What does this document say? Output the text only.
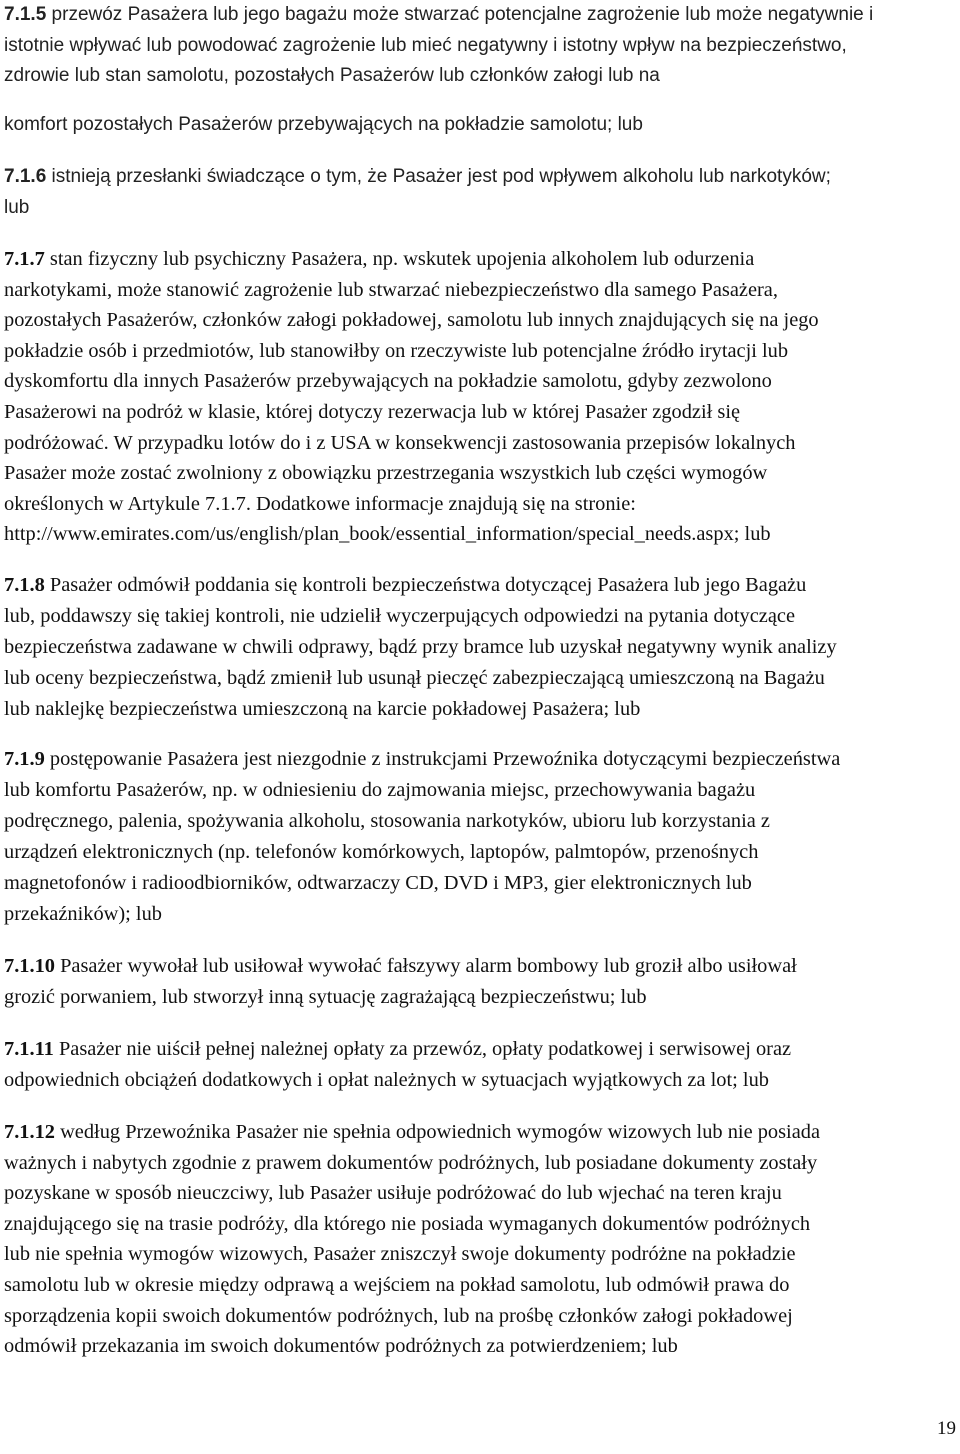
7.1.5 przewóz Pasażera lub jego bagażu może stwarzać potencjalne zagrożenie lub może negatywnie i
istotnie wpływać lub powodować zagrożenie lub mieć negatywny i istotny wpływ na bezpieczeństwo,
zdrowie lub stan samolotu, pozostałych Pasażerów lub członków załogi lub na
komfort pozostałych Pasażerów przebywających na pokładzie samolotu; lub
7.1.6 istnieją przesłanki świadczące o tym, że Pasażer jest pod wpływem alkoholu lub narkotyków;
lub
7.1.7 stan fizyczny lub psychiczny Pasażera, np. wskutek upojenia alkoholem lub odurzenia
narkotykami, może stanowić zagrożenie lub stwarzać niebezpieczeństwo dla samego Pasażera,
pozostałych Pasażerów, członków załogi pokładowej, samolotu lub innych znajdujących się na jego
pokładzie osób i przedmiotów, lub stanowiłby on rzeczywiste lub potencjalne źródło irytacji lub
dyskomfortu dla innych Pasażerów przebywających na pokładzie samolotu, gdyby zezwolono
Pasażerowi na podróż w klasie, której dotyczy rezerwacja lub w której Pasażer zgodził się
podróżować. W przypadku lotów do i z USA w konsekwencji zastosowania przepisów lokalnych
Pasażer może zostać zwolniony z obowiązku przestrzegania wszystkich lub części wymogów
określonych w Artykule 7.1.7. Dodatkowe informacje znajdują się na stronie:
http://www.emirates.com/us/english/plan_book/essential_information/special_needs.aspx; lub
7.1.8 Pasażer odmówił poddania się kontroli bezpieczeństwa dotyczącej Pasażera lub jego Bagażu
lub, poddawszy się takiej kontroli, nie udzielił wyczerpujących odpowiedzi na pytania dotyczące
bezpieczeństwa zadawane w chwili odprawy, bądź przy bramce lub uzyskał negatywny wynik analizy
lub oceny bezpieczeństwa, bądź zmienił lub usunął pieczęć zabezpieczającą umieszczoną na Bagażu
lub naklejkę bezpieczeństwa umieszczoną na karcie pokładowej Pasażera; lub
7.1.9 postępowanie Pasażera jest niezgodnie z instrukcjami Przewoźnika dotyczącymi bezpieczeństwa
lub komfortu Pasażerów, np. w odniesieniu do zajmowania miejsc, przechowywania bagażu
podręcznego, palenia, spożywania alkoholu, stosowania narkotyków, ubioru lub korzystania z
urządzeń elektronicznych (np. telefonów komórkowych, laptopów, palmtopów, przenośnych
magnetofonów i radioodbiorników, odtwarzaczy CD, DVD i MP3, gier elektronicznych lub
przekaźników); lub
7.1.10 Pasażer wywołał lub usiłował wywołać fałszywy alarm bombowy lub groził albo usiłował
grozić porwaniem, lub stworzył inną sytuację zagrażającą bezpieczeństwu; lub
7.1.11 Pasażer nie uiścił pełnej należnej opłaty za przewóz, opłaty podatkowej i serwisowej oraz
odpowiednich obciążeń dodatkowych i opłat należnych w sytuacjach wyjątkowych za lot; lub
7.1.12 według Przewoźnika Pasażer nie spełnia odpowiednich wymogów wizowych lub nie posiada
ważnych i nabytych zgodnie z prawem dokumentów podróżnych, lub posiadane dokumenty zostały
pozyskane w sposób nieuczciwy, lub Pasażer usiłuje podróżować do lub wjechać na teren kraju
znajdującego się na trasie podróży, dla którego nie posiada wymaganych dokumentów podróżnych
lub nie spełnia wymogów wizowych, Pasażer zniszczył swoje dokumenty podróżne na pokładzie
samolotu lub w okresie między odprawą a wejściem na pokład samolotu, lub odmówił prawa do
sporządzenia kopii swoich dokumentów podróżnych, lub na prośbę członków załogi pokładowej
odmówił przekazania im swoich dokumentów podróżnych za potwierdzeniem; lub

19
